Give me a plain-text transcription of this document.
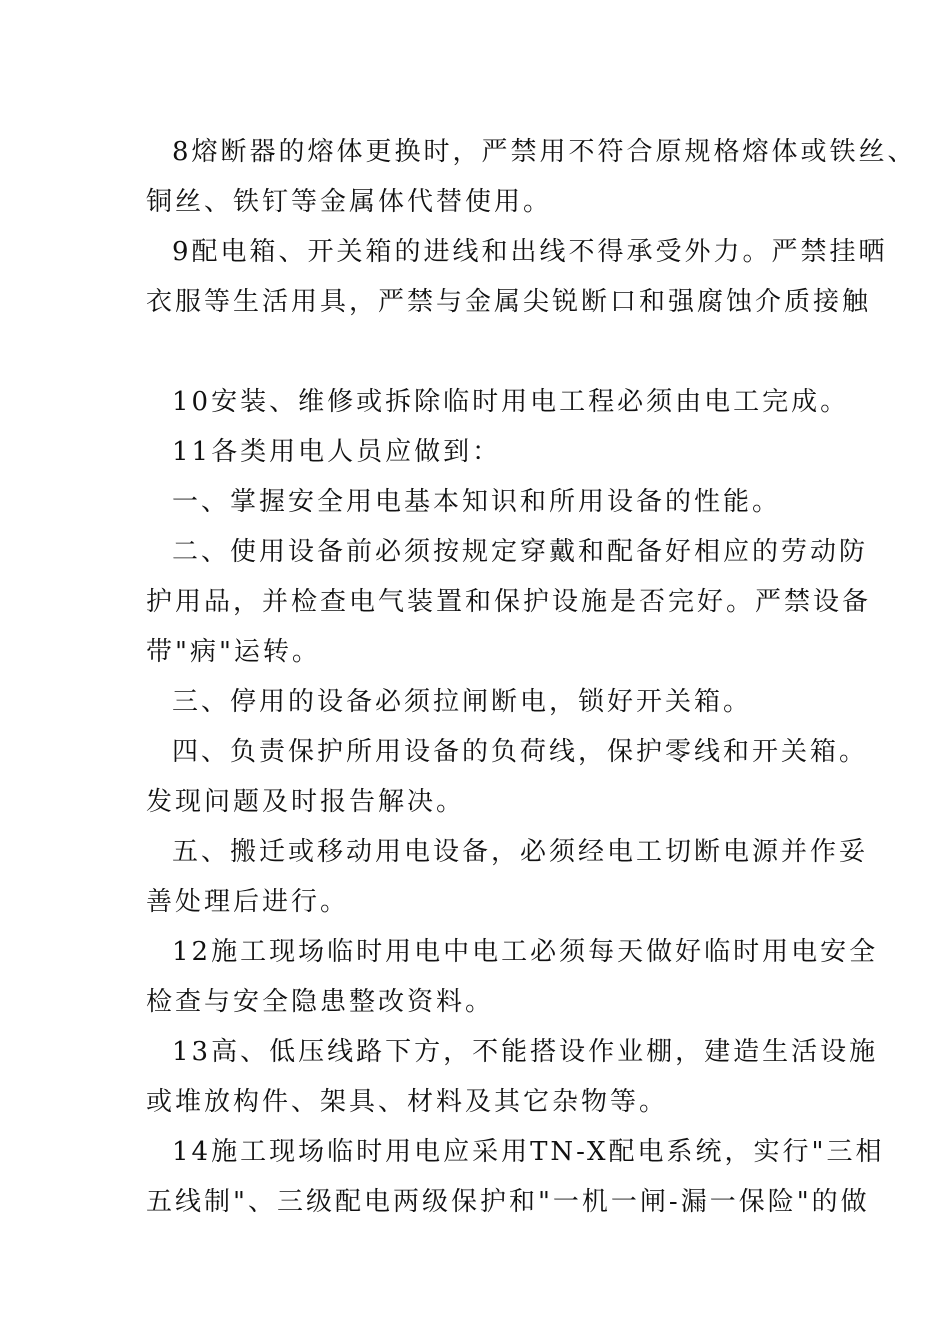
8熔断器的熔体更换时，严禁用不符合原规格熔体或铁丝、
铜丝、铁钉等金属体代替使用。
9配电箱、开关箱的进线和出线不得承受外力。严禁挂晒
衣服等生活用具，严禁与金属尖锐断口和强腐蚀介质接触
10安装、维修或拆除临时用电工程必须由电工完成。
11各类用电人员应做到：
一、掌握安全用电基本知识和所用设备的性能。
二、使用设备前必须按规定穿戴和配备好相应的劳动防
护用品，并检查电气装置和保护设施是否完好。严禁设备
带"病"运转。
三、停用的设备必须拉闸断电，锁好开关箱。
四、负责保护所用设备的负荷线，保护零线和开关箱。
发现问题及时报告解决。
五、搬迁或移动用电设备，必须经电工切断电源并作妥
善处理后进行。
12施工现场临时用电中电工必须每天做好临时用电安全
检查与安全隐患整改资料。
13高、低压线路下方，不能搭设作业棚，建造生活设施
或堆放构件、架具、材料及其它杂物等。
14施工现场临时用电应采用TN-X配电系统，实行"三相
五线制"、三级配电两级保护和"一机一闸-漏一保险"的做
